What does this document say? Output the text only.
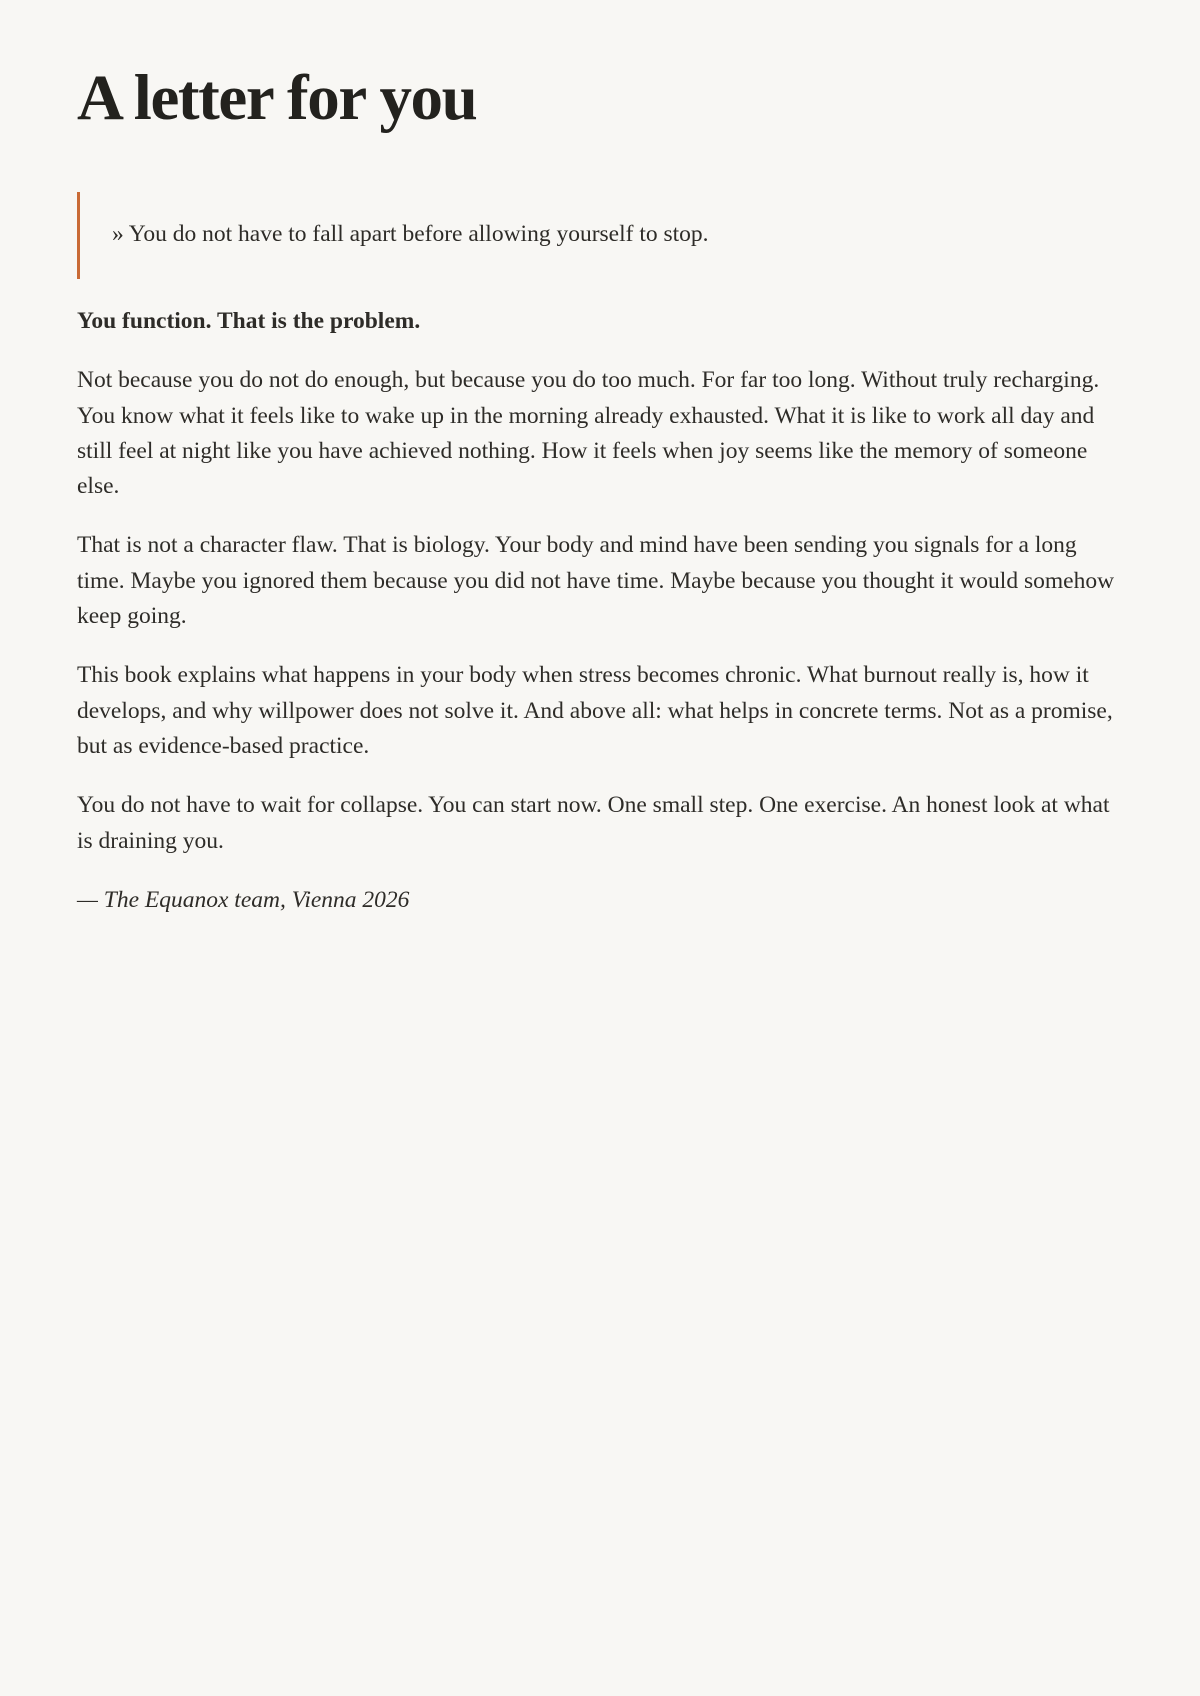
A letter for you

» You do not have to fall apart before allowing yourself to stop.

You function. That is the problem.

Not because you do not do enough, but because you do too much. For far too long. Without truly recharging. You know what it feels like to wake up in the morning already exhausted. What it is like to work all day and still feel at night like you have achieved nothing. How it feels when joy seems like the memory of someone else.

That is not a character flaw. That is biology. Your body and mind have been sending you signals for a long time. Maybe you ignored them because you did not have time. Maybe because you thought it would somehow keep going.

This book explains what happens in your body when stress becomes chronic. What burnout really is, how it develops, and why willpower does not solve it. And above all: what helps in concrete terms. Not as a promise, but as evidence-based practice.

You do not have to wait for collapse. You can start now. One small step. One exercise. An honest look at what is draining you.

— The Equanox team, Vienna 2026
